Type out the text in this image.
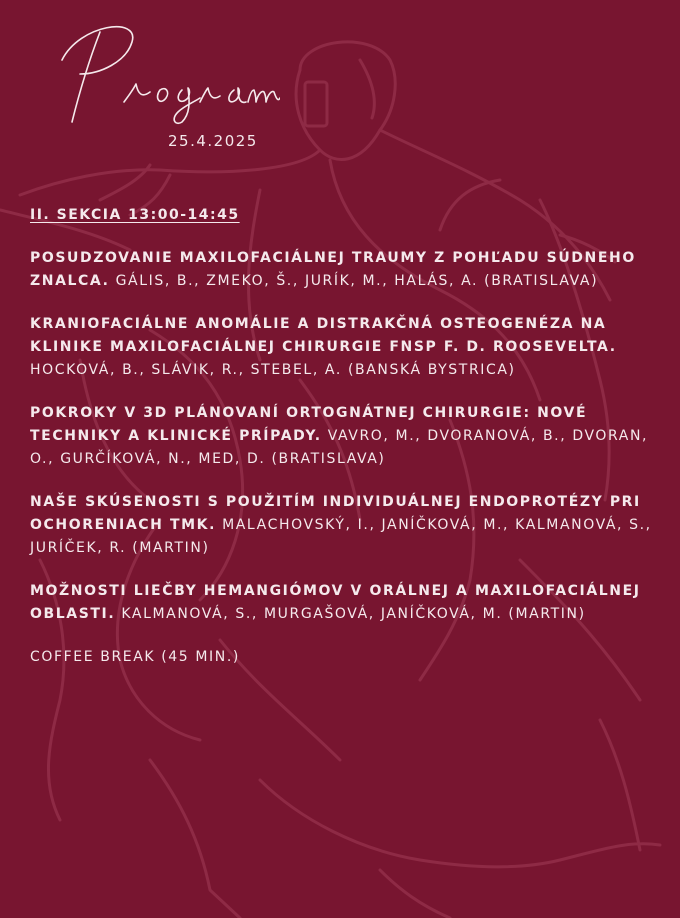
Program
25.4.2025
II. SEKCIA 13:00-14:45
POSUDZOVANIE MAXILOFACIÁLNEJ TRAUMY Z POHĽADU SÚDNEHO ZNALCA. GÁLIS, B., ZMEKO, Š., JURÍK, M., HALÁS, A. (BRATISLAVA)
KRANIOFACIÁLNE ANOMÁLIE A DISTRAKČNÁ OSTEOGENÉZA NA KLINIKE MAXILOFACIÁLNEJ CHIRURGIE FNSP F. D. ROOSEVELTA. HOCKOVÁ, B., SLÁVIK, R., STEBEL, A. (BANSKÁ BYSTRICA)
POKROKY V 3D PLÁNOVANÍ ORTOGNÁTNEJ CHIRURGIE: NOVÉ TECHNIKY A KLINICKÉ PRÍPADY. VAVRO, M., DVORANOVÁ, B., DVORAN, O., GURČÍKOVÁ, N., MED, D. (BRATISLAVA)
NAŠE SKÚSENOSTI S POUŽITÍM INDIVIDUÁLNEJ ENDOPROTÉZY PRI OCHORENIACH TMK. MALACHOVSKÝ, I., JANÍČKOVÁ, M., KALMANOVÁ, S., JURÍČEK, R. (MARTIN)
MOŽNOSTI LIEČBY HEMANGIÓMOV V ORÁLNEJ A MAXILOFACIÁLNEJ OBLASTI. KALMANOVÁ, S., MURGAŠOVÁ, JANÍČKOVÁ, M. (MARTIN)
COFFEE BREAK (45 MIN.)
